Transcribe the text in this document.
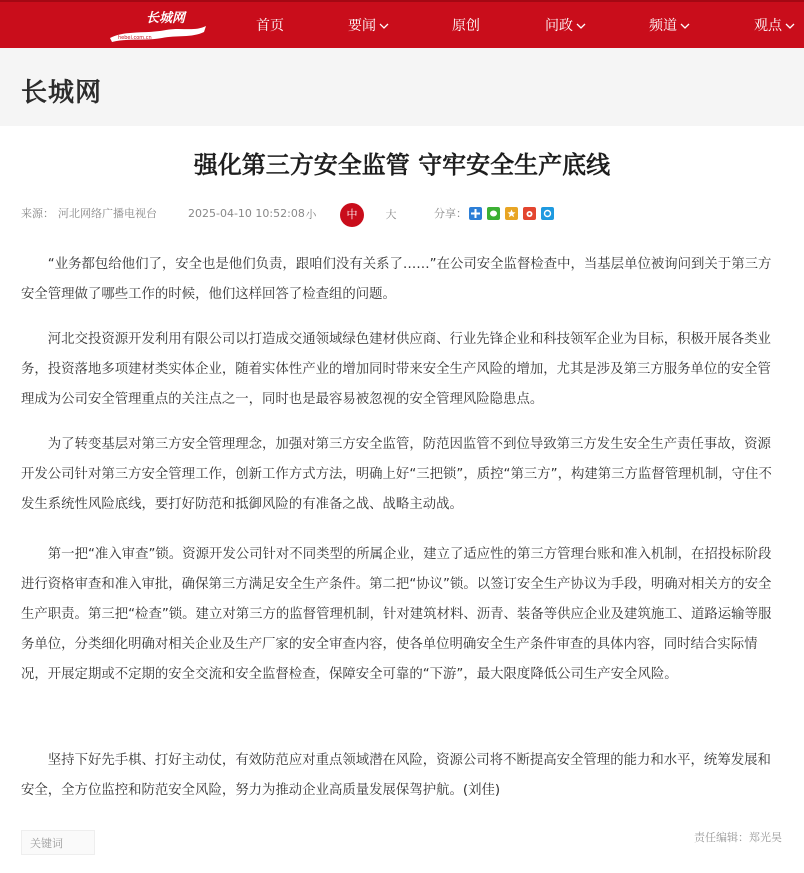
长城网
hebei.com.cn
首页	要闻	原创	问政	频道	观点
长城网
强化第三方安全监管 守牢安全生产底线
来源： 河北网络广播电视台	2025-04-10 10:52:08 小	中	大	分享：

“业务都包给他们了，安全也是他们负责，跟咱们没有关系了……”在公司安全监督检查中，当基层单位被询问到关于第三方安全管理做了哪些工作的时候，他们这样回答了检查组的问题。

河北交投资源开发利用有限公司以打造成交通领域绿色建材供应商、行业先锋企业和科技领军企业为目标，积极开展各类业务，投资落地多项建材类实体企业，随着实体性产业的增加同时带来安全生产风险的增加，尤其是涉及第三方服务单位的安全管理成为公司安全管理重点的关注点之一，同时也是最容易被忽视的安全管理风险隐患点。

为了转变基层对第三方安全管理理念，加强对第三方安全监管，防范因监管不到位导致第三方发生安全生产责任事故，资源开发公司针对第三方安全管理工作，创新工作方式方法，明确上好“三把锁”，质控“第三方”，构建第三方监督管理机制，守住不发生系统性风险底线，要打好防范和抵御风险的有准备之战、战略主动战。

第一把“准入审查”锁。资源开发公司针对不同类型的所属企业，建立了适应性的第三方管理台账和准入机制，在招投标阶段进行资格审查和准入审批，确保第三方满足安全生产条件。第二把“协议”锁。以签订安全生产协议为手段，明确对相关方的安全生产职责。第三把“检查”锁。建立对第三方的监督管理机制，针对建筑材料、沥青、装备等供应企业及建筑施工、道路运输等服务单位，分类细化明确对相关企业及生产厂家的安全审查内容，使各单位明确安全生产条件审查的具体内容，同时结合实际情况，开展定期或不定期的安全交流和安全监督检查，保障安全可靠的“下游”，最大限度降低公司生产安全风险。

坚持下好先手棋、打好主动仗，有效防范应对重点领域潜在风险，资源公司将不断提高安全管理的能力和水平，统筹发展和安全，全方位监控和防范安全风险，努力为推动企业高质量发展保驾护航。(刘佳)

关键词	责任编辑：郑光昊
